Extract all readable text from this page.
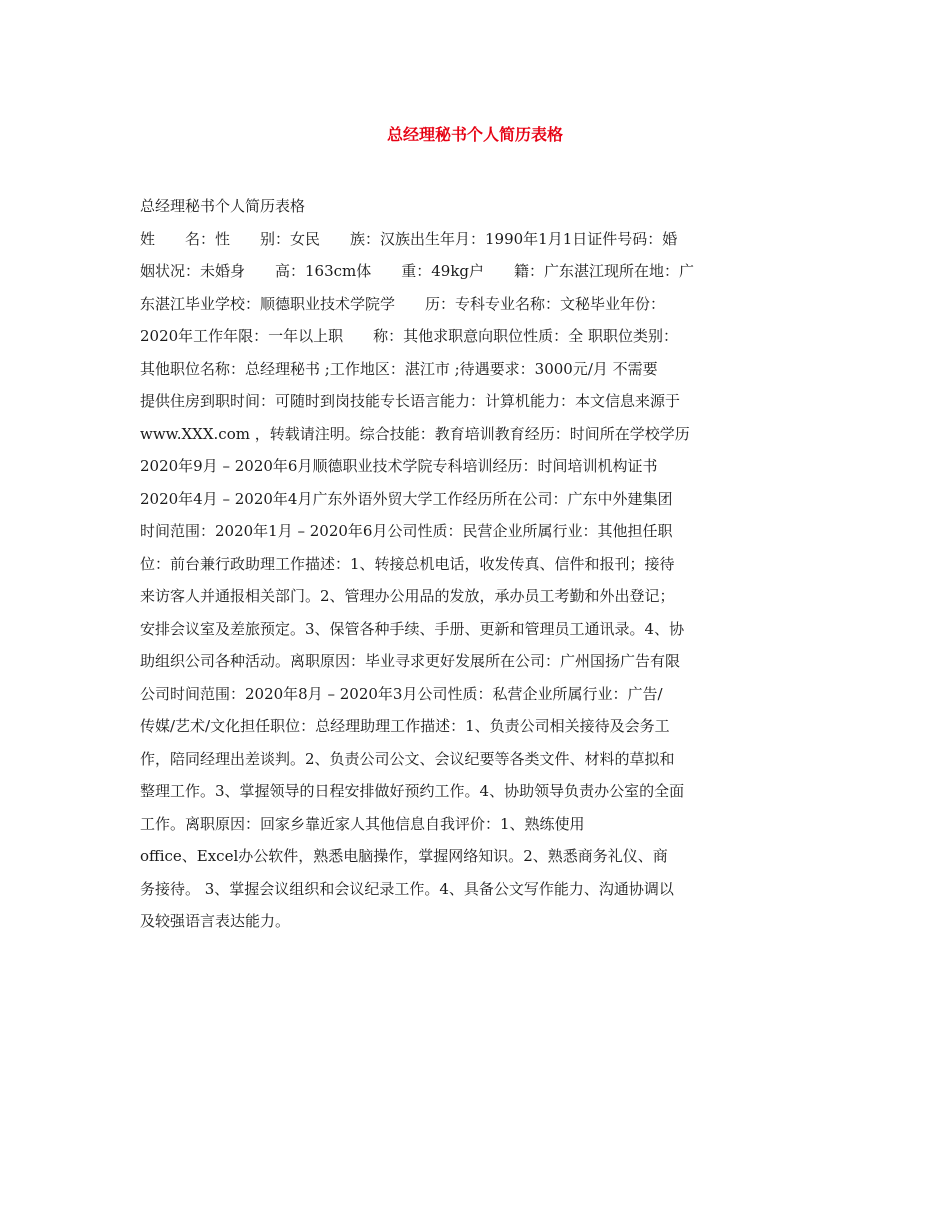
总经理秘书个人简历表格
总经理秘书个人简历表格
姓　　名：性　　别：女民　　族：汉族出生年月：1990年1月1日证件号码：婚
姻状况：未婚身　　高：163cm体　　重：49kg户　　籍：广东湛江现所在地：广
东湛江毕业学校：顺德职业技术学院学　　历：专科专业名称：文秘毕业年份：
2020年工作年限：一年以上职　　称：其他求职意向职位性质：全 职职位类别：
其他职位名称：总经理秘书 ;工作地区：湛江市 ;待遇要求：3000元/月 不需要
提供住房到职时间：可随时到岗技能专长语言能力：计算机能力：本文信息来源于
www.XXX.com ，转载请注明。综合技能：教育培训教育经历：时间所在学校学历
2020年9月 – 2020年6月顺德职业技术学院专科培训经历：时间培训机构证书
2020年4月 – 2020年4月广东外语外贸大学工作经历所在公司：广东中外建集团
时间范围：2020年1月 – 2020年6月公司性质：民营企业所属行业：其他担任职
位：前台兼行政助理工作描述：1、转接总机电话，收发传真、信件和报刊；接待
来访客人并通报相关部门。2、管理办公用品的发放，承办员工考勤和外出登记；
安排会议室及差旅预定。3、保管各种手续、手册、更新和管理员工通讯录。4、协
助组织公司各种活动。离职原因：毕业寻求更好发展所在公司：广州国扬广告有限
公司时间范围：2020年8月 – 2020年3月公司性质：私营企业所属行业：广告/
传媒/艺术/文化担任职位：总经理助理工作描述：1、负责公司相关接待及会务工
作，陪同经理出差谈判。2、负责公司公文、会议纪要等各类文件、材料的草拟和
整理工作。3、掌握领导的日程安排做好预约工作。4、协助领导负责办公室的全面
工作。离职原因：回家乡靠近家人其他信息自我评价：1、熟练使用
office、Excel办公软件，熟悉电脑操作，掌握网络知识。2、熟悉商务礼仪、商
务接待。 3、掌握会议组织和会议纪录工作。4、具备公文写作能力、沟通协调以
及较强语言表达能力。
